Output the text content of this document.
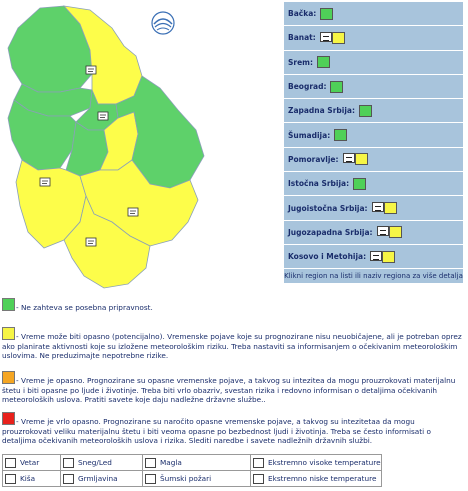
Bačka:
Banat:
Srem:
Beograd:
Zapadna Srbija:
Šumadija:
Pomoravlje:
Istočna Srbija:
Jugoistočna Srbija:
Jugozapadna Srbija:
Kosovo i Metohija:
Klikni region na listi ili naziv regiona za više detalja
- Ne zahteva se posebna pripravnost.
- Vreme može biti opasno (potencijalno). Vremenske pojave koje su prognozirane nisu neuobičajene, ali je potreban oprez ako planirate aktivnosti koje su izložene meteorološkim riziku. Treba nastaviti sa informisanjem o očekivanim meteorološkim uslovima. Ne preduzimajte nepotrebne rizike.
- Vreme je opasno. Prognozirane su opasne vremenske pojave, a takvog su intezitea da mogu prouzrokovati materijalnu štetu i biti opasne po ljude i životinje. Treba biti vrlo obazriv, svestan rizika i redovno informisan o detaljima očekivanih meteoroloških uslova. Pratiti savete koje daju nadležne državne službe..
- Vreme je vrlo opasno. Prognozirane su naročito opasne vremenske pojave, a takvog su intezitetaa da mogu prouzrokovati veliku materijalnu štetu i biti veoma opasne po bezbednost ljudi i životinja. Treba se često informisati o detaljima očekivanih meteoroloških uslova i rizika. Slediti naredbe i savete nadležnih državnih službi.
Vetar	Sneg/Led	Magla	Ekstremno visoke temperature
Kiša	Grmljavina	Šumski požari	Ekstremno niske temperature
